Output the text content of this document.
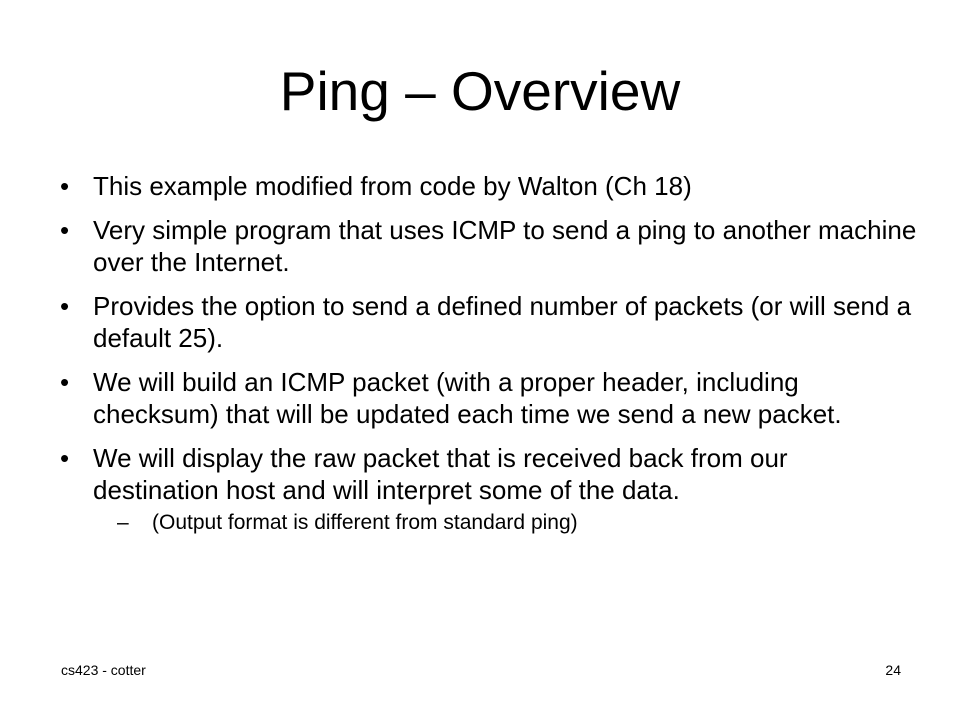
Ping – Overview
• This example modified from code by Walton (Ch 18)
• Very simple program that uses ICMP to send a ping to another machine over the Internet.
• Provides the option to send a defined number of packets (or will send a default 25).
• We will build an ICMP packet (with a proper header, including checksum) that will be updated each time we send a new packet.
• We will display the raw packet that is received back from our destination host and will interpret some of the data.
– (Output format is different from standard ping)
cs423 - cotter	24
